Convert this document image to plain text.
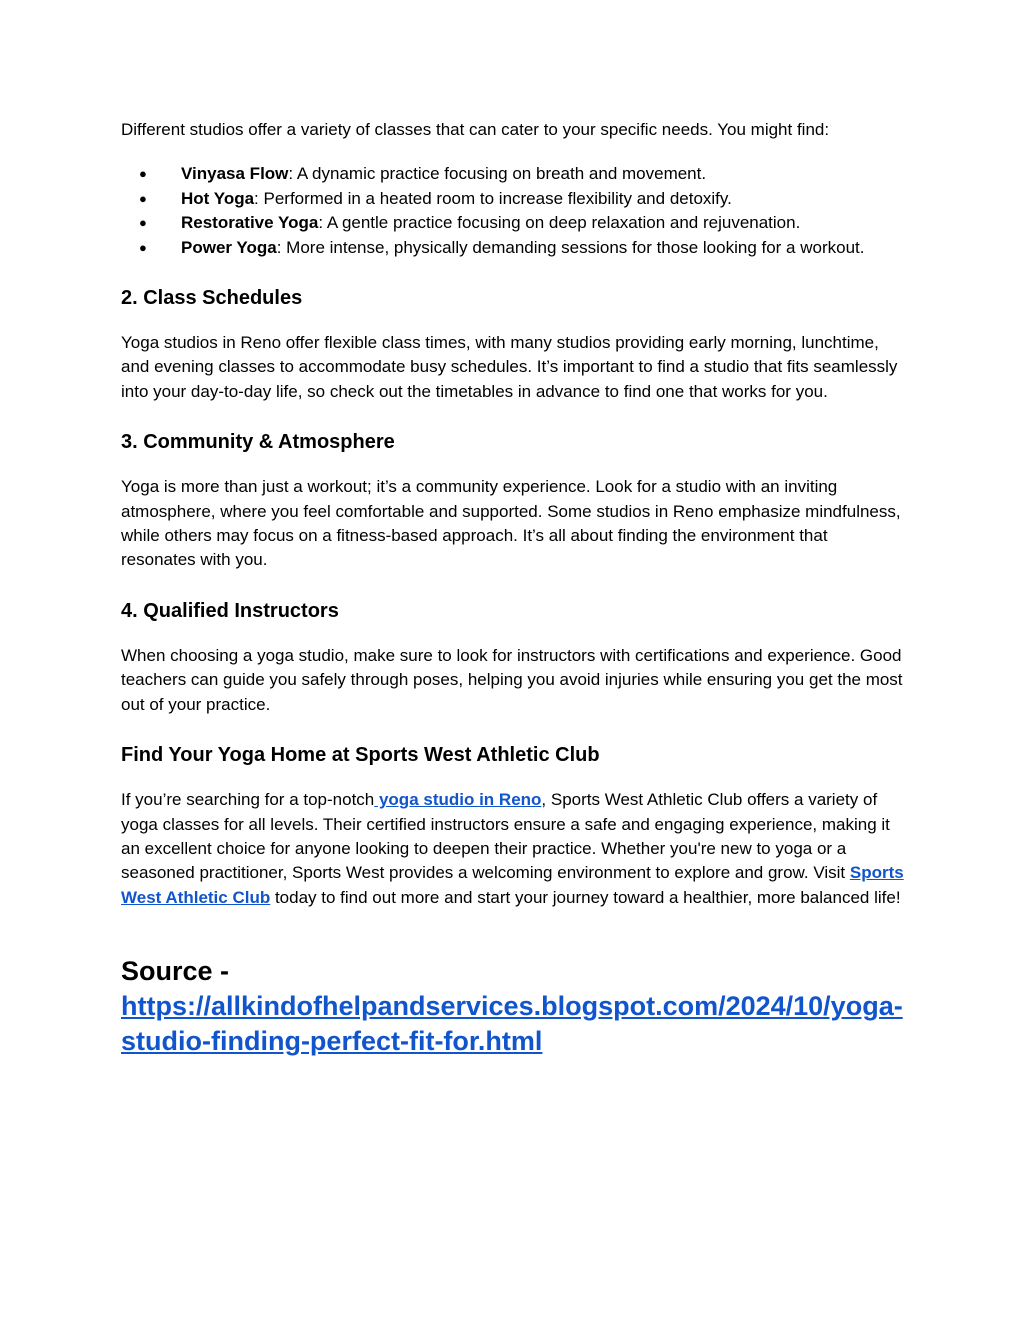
Different studios offer a variety of classes that can cater to your specific needs. You might find:

● Vinyasa Flow: A dynamic practice focusing on breath and movement.
● Hot Yoga: Performed in a heated room to increase flexibility and detoxify.
● Restorative Yoga: A gentle practice focusing on deep relaxation and rejuvenation.
● Power Yoga: More intense, physically demanding sessions for those looking for a workout.
2. Class Schedules

Yoga studios in Reno offer flexible class times, with many studios providing early morning, lunchtime, and evening classes to accommodate busy schedules. It’s important to find a studio that fits seamlessly into your day-to-day life, so check out the timetables in advance to find one that works for you.

3. Community & Atmosphere

Yoga is more than just a workout; it’s a community experience. Look for a studio with an inviting atmosphere, where you feel comfortable and supported. Some studios in Reno emphasize mindfulness, while others may focus on a fitness-based approach. It’s all about finding the environment that resonates with you.

4. Qualified Instructors

When choosing a yoga studio, make sure to look for instructors with certifications and experience. Good teachers can guide you safely through poses, helping you avoid injuries while ensuring you get the most out of your practice.

Find Your Yoga Home at Sports West Athletic Club

If you’re searching for a top-notch yoga studio in Reno, Sports West Athletic Club offers a variety of yoga classes for all levels. Their certified instructors ensure a safe and engaging experience, making it an excellent choice for anyone looking to deepen their practice. Whether you're new to yoga or a seasoned practitioner, Sports West provides a welcoming environment to explore and grow. Visit Sports West Athletic Club today to find out more and start your journey toward a healthier, more balanced life!

Source -
https://allkindofhelpandservices.blogspot.com/2024/10/yoga-studio-finding-perfect-fit-for.html
